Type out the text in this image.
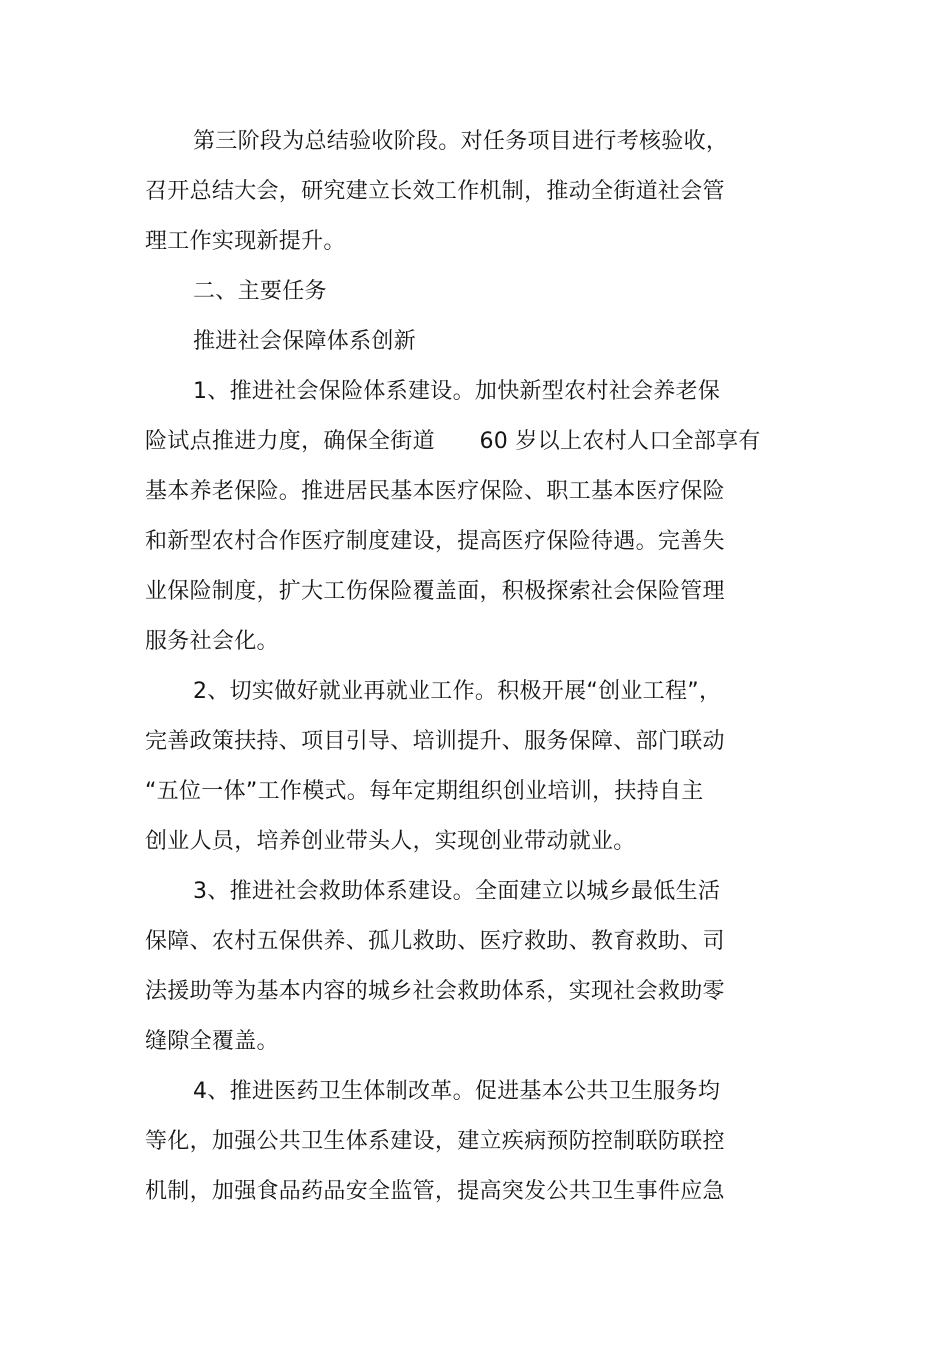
第三阶段为总结验收阶段。对任务项目进行考核验收，

召开总结大会，研究建立长效工作机制，推动全街道社会管

理工作实现新提升。

二、主要任务

推进社会保障体系创新

1、推进社会保险体系建设。加快新型农村社会养老保

险试点推进力度，确保全街道　　60 岁以上农村人口全部享有

基本养老保险。推进居民基本医疗保险、职工基本医疗保险

和新型农村合作医疗制度建设，提高医疗保险待遇。完善失

业保险制度，扩大工伤保险覆盖面，积极探索社会保险管理

服务社会化。

2、切实做好就业再就业工作。积极开展“创业工程”，

完善政策扶持、项目引导、培训提升、服务保障、部门联动

“五位一体”工作模式。每年定期组织创业培训，扶持自主

创业人员，培养创业带头人，实现创业带动就业。

3、推进社会救助体系建设。全面建立以城乡最低生活

保障、农村五保供养、孤儿救助、医疗救助、教育救助、司

法援助等为基本内容的城乡社会救助体系，实现社会救助零

缝隙全覆盖。

4、推进医药卫生体制改革。促进基本公共卫生服务均

等化，加强公共卫生体系建设，建立疾病预防控制联防联控

机制，加强食品药品安全监管，提高突发公共卫生事件应急
